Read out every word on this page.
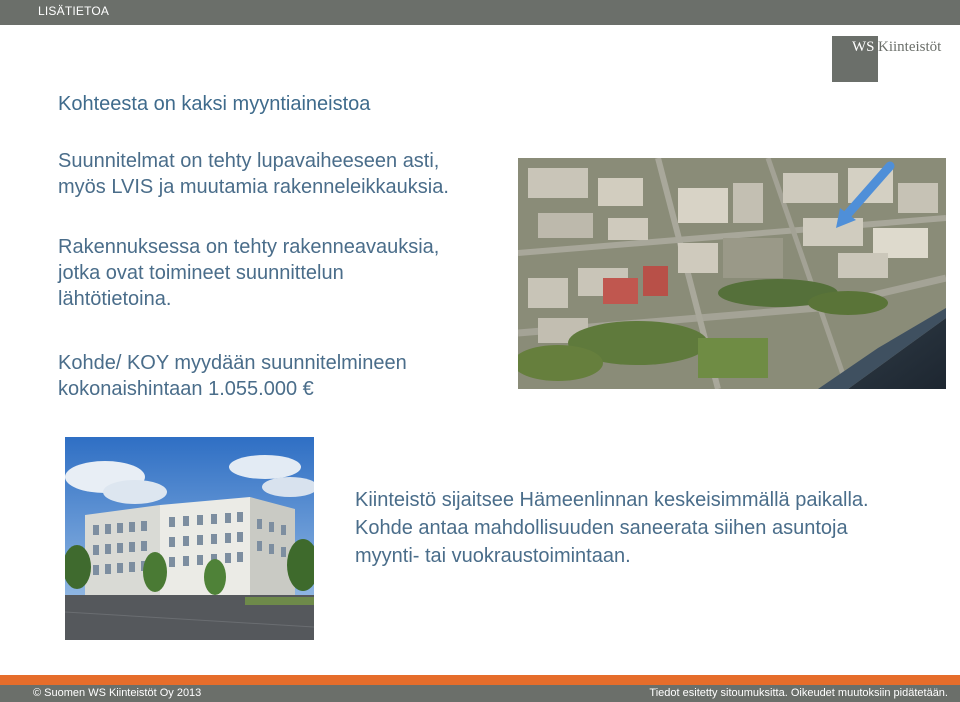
LISÄTIETOA
WS Kiinteistöt
Kohteesta on kaksi myyntiaineistoa
Suunnitelmat on tehty lupavaiheeseen asti,
myös LVIS ja muutamia rakenneleikkauksia.
Rakennuksessa on tehty rakenneavauksia,
jotka ovat toimineet suunnittelun
lähtötietoina.
Kohde/ KOY myydään suunnitelmineen
kokonaishintaan 1.055.000 €
Kiinteistö sijaitsee Hämeenlinnan keskeisimmällä paikalla.
Kohde antaa mahdollisuuden saneerata siihen asuntoja
myynti- tai vuokraustoimintaan.
© Suomen WS Kiinteistöt Oy 2013	Tiedot esitetty sitoumuksitta. Oikeudet muutoksiin pidätetään.
